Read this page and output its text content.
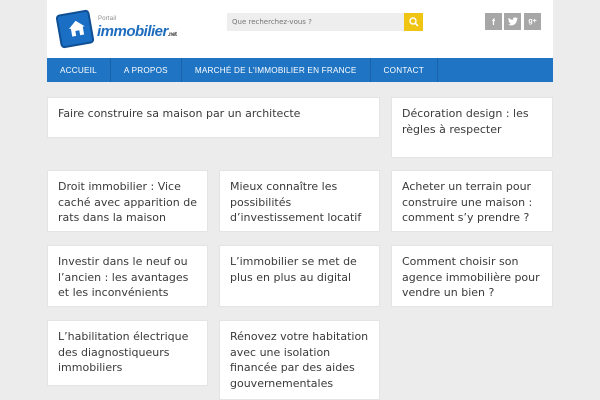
Portail
immobilier.net
Que recherchez-vous ?
f	g+
ACCUEIL	A PROPOS	MARCHÉ DE L'IMMOBILIER EN FRANCE	CONTACT
Faire construire sa maison par un architecte	Décoration design : les règles à respecter
Droit immobilier : Vice caché avec apparition de rats dans la maison
Mieux connaître les possibilités d’investissement locatif
Acheter un terrain pour construire une maison : comment s’y prendre ?
Investir dans le neuf ou l’ancien : les avantages et les inconvénients
L’immobilier se met de plus en plus au digital
Comment choisir son agence immobilière pour vendre un bien ?
L’habilitation électrique des diagnostiqueurs immobiliers
Rénovez votre habitation avec une isolation financée par des aides gouvernementales
